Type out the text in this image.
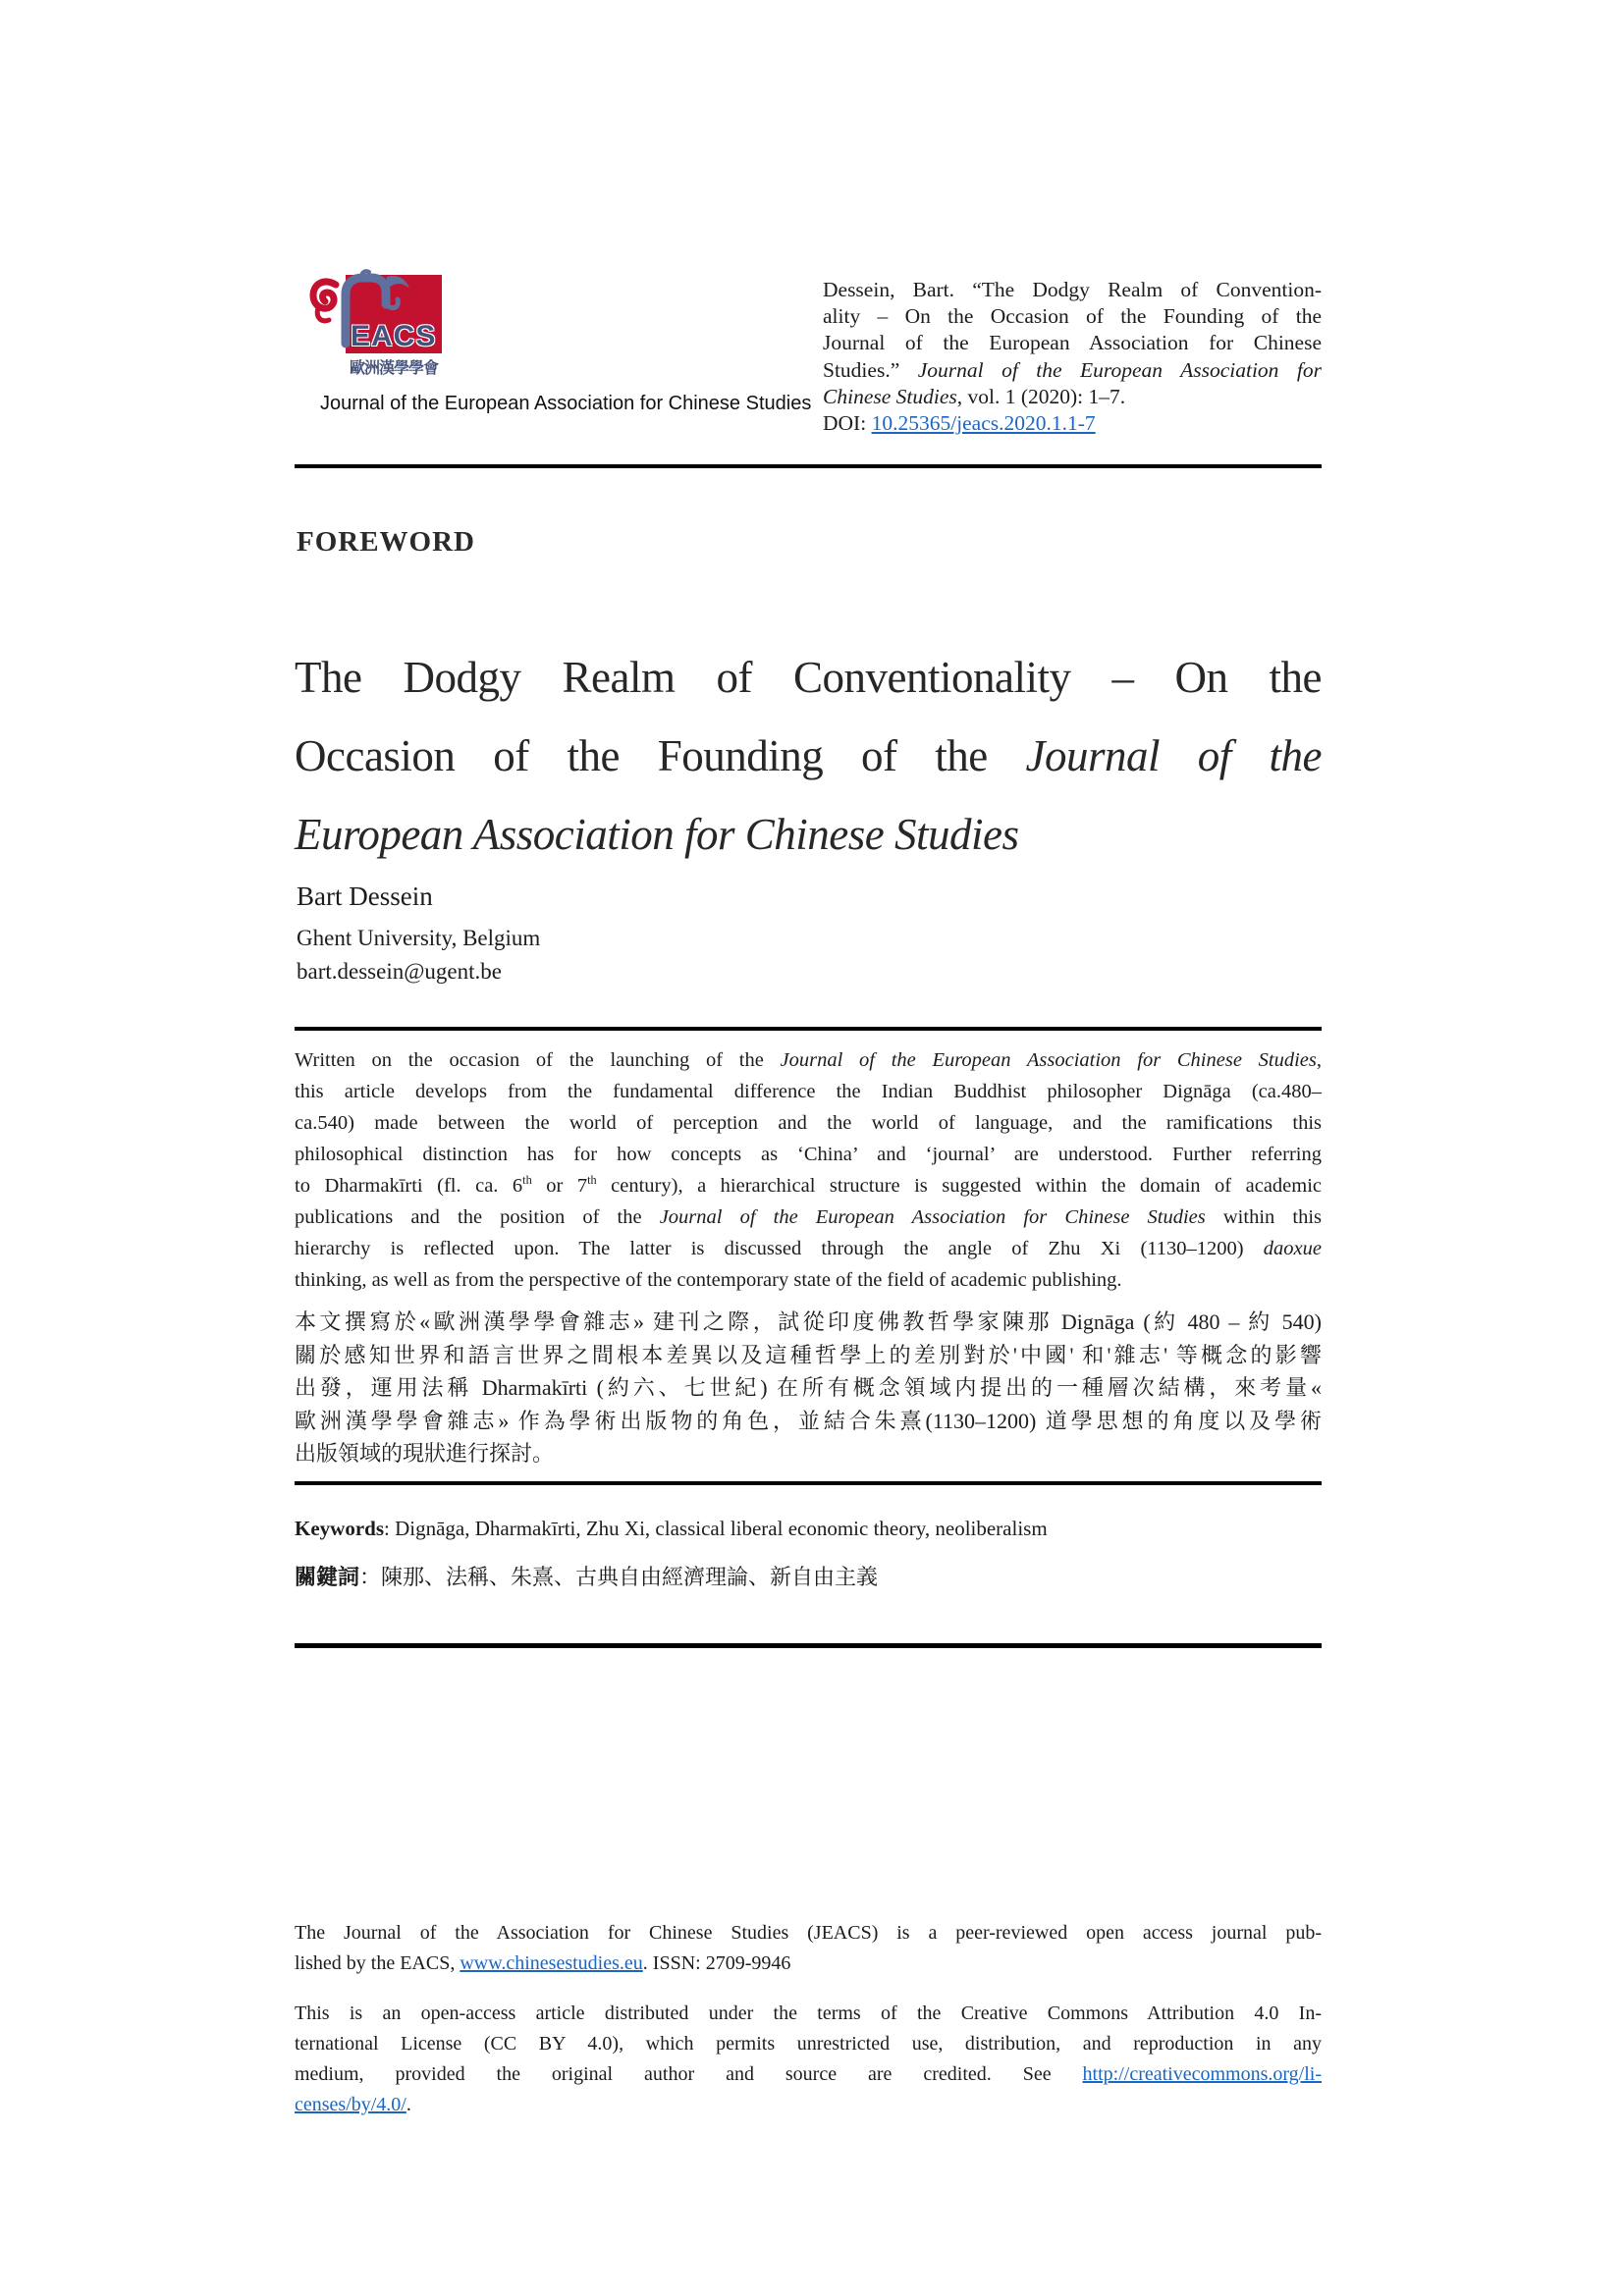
EACS
歐洲漢學學會
Journal of the European Association for Chinese Studies
Dessein, Bart. “The Dodgy Realm of Convention-
ality – On the Occasion of the Founding of the
Journal of the European Association for Chinese
Studies.” Journal of the European Association for
Chinese Studies, vol. 1 (2020): 1–7.
DOI: 10.25365/jeacs.2020.1.1-7
FOREWORD
The Dodgy Realm of Conventionality – On the
Occasion of the Founding of the Journal of the
European Association for Chinese Studies
Bart Dessein
Ghent University, Belgium
bart.dessein@ugent.be
Written on the occasion of the launching of the Journal of the European Association for Chinese Studies,
this article develops from the fundamental difference the Indian Buddhist philosopher Dignāga (ca.480–
ca.540) made between the world of perception and the world of language, and the ramifications this
philosophical distinction has for how concepts as ‘China’ and ‘journal’ are understood. Further referring
to Dharmakīrti (fl. ca. 6th or 7th century), a hierarchical structure is suggested within the domain of academic
publications and the position of the Journal of the European Association for Chinese Studies within this
hierarchy is reflected upon. The latter is discussed through the angle of Zhu Xi (1130–1200) daoxue
thinking, as well as from the perspective of the contemporary state of the field of academic publishing.
本文撰寫於«歐洲漢學學會雜志» 建刊之際，試從印度佛教哲學家陳那 Dignāga (約 480 – 約 540)
關於感知世界和語言世界之間根本差異以及這種哲學上的差別對於'中國' 和'雜志' 等概念的影響
出發，運用法稱 Dharmakīrti (約六、七世紀) 在所有概念領域内提出的一種層次結構，來考量«
歐洲漢學學會雜志» 作為學術出版物的角色，並結合朱熹(1130–1200) 道學思想的角度以及學術
出版領域的現狀進行探討。
Keywords: Dignāga, Dharmakīrti, Zhu Xi, classical liberal economic theory, neoliberalism
關鍵詞：陳那、法稱、朱熹、古典自由經濟理論、新自由主義
The Journal of the Association for Chinese Studies (JEACS) is a peer-reviewed open access journal pub-
lished by the EACS, www.chinesestudies.eu. ISSN: 2709-9946
This is an open-access article distributed under the terms of the Creative Commons Attribution 4.0 In-
ternational License (CC BY 4.0), which permits unrestricted use, distribution, and reproduction in any
medium, provided the original author and source are credited. See http://creativecommons.org/li-
censes/by/4.0/.
